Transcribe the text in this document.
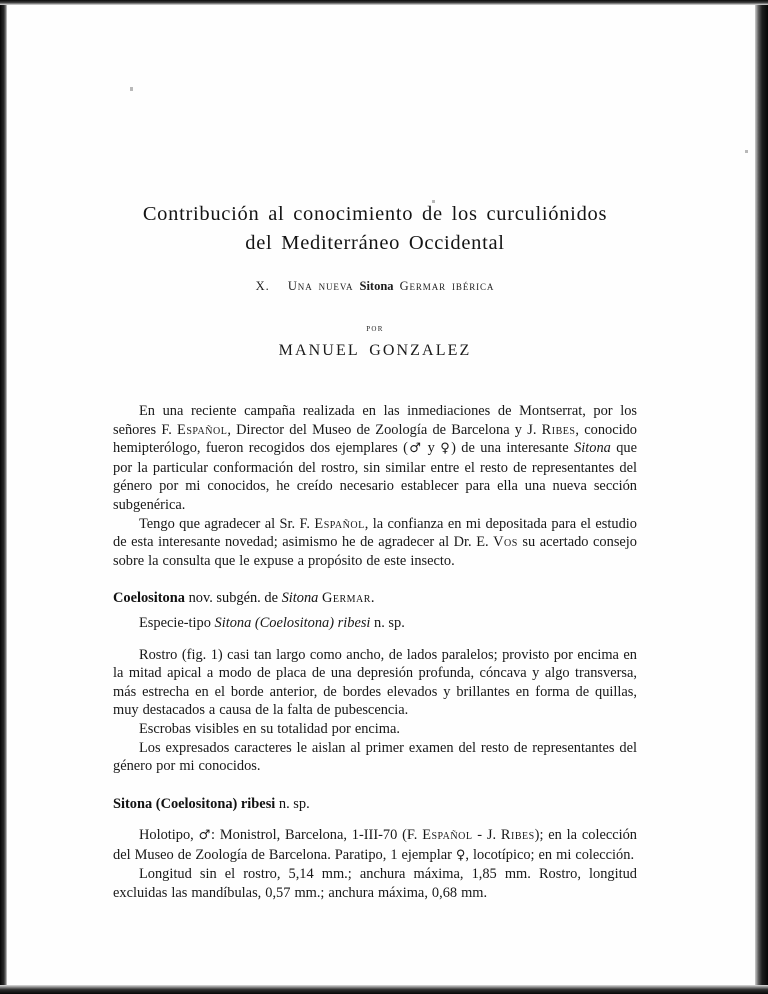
Contribución al conocimiento de los curculiónidos
del Mediterráneo Occidental
X. Una nueva Sitona Germar ibérica
por
MANUEL GONZALEZ

En una reciente campaña realizada en las inmediaciones de Montserrat, por los señores F. Español, Director del Museo de Zoología de Barcelona y J. Ribes, conocido hemipterólogo, fueron recogidos dos ejemplares (♂ y ♀) de una interesante Sitona que por la particular conformación del rostro, sin similar entre el resto de representantes del género por mi conocidos, he creído necesario establecer para ella una nueva sección subgenérica.

Tengo que agradecer al Sr. F. Español, la confianza en mi depositada para el estudio de esta interesante novedad; asimismo he de agradecer al Dr. E. Vos su acertado consejo sobre la consulta que le expuse a propósito de este insecto.

Coelositona nov. subgén. de Sitona Germar.

Especie-tipo Sitona (Coelositona) ribesi n. sp.

Rostro (fig. 1) casi tan largo como ancho, de lados paralelos; provisto por encima en la mitad apical a modo de placa de una depresión profunda, cóncava y algo transversa, más estrecha en el borde anterior, de bordes elevados y brillantes en forma de quillas, muy destacados a causa de la falta de pubescencia.

Escrobas visibles en su totalidad por encima.

Los expresados caracteres le aislan al primer examen del resto de representantes del género por mi conocidos.

Sitona (Coelositona) ribesi n. sp.

Holotipo, ♂: Monistrol, Barcelona, 1-III-70 (F. Español - J. Ribes); en la colección del Museo de Zoología de Barcelona. Paratipo, 1 ejemplar ♀, locotípico; en mi colección.

Longitud sin el rostro, 5,14 mm.; anchura máxima, 1,85 mm. Rostro, longitud excluidas las mandíbulas, 0,57 mm.; anchura máxima, 0,68 mm.
